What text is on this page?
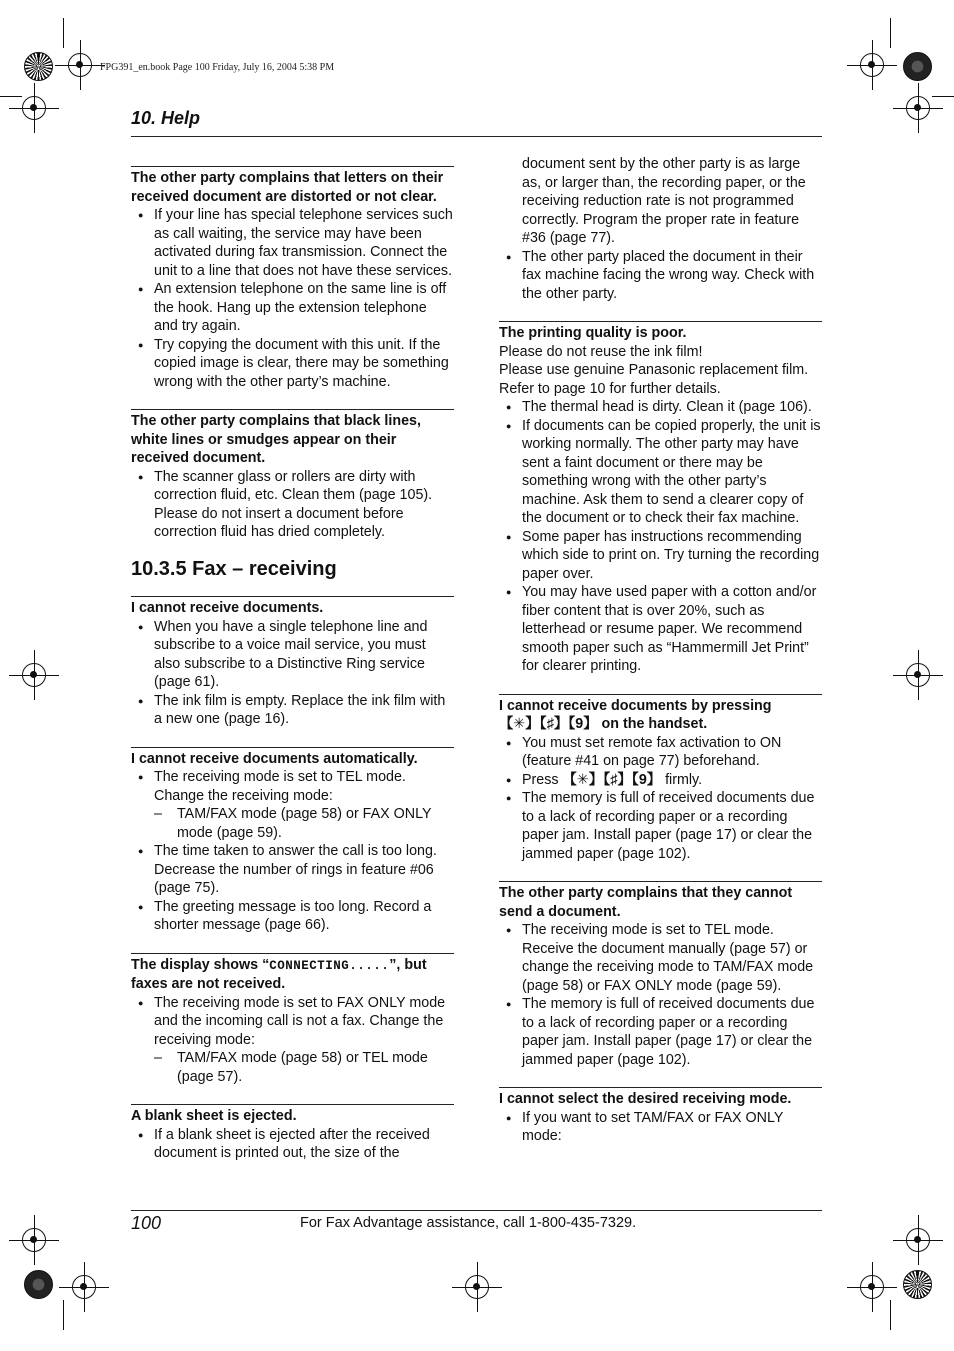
FPG391_en.book Page 100 Friday, July 16, 2004 5:38 PM
10. Help

The other party complains that letters on their received document are distorted or not clear.

● If your line has special telephone services such as call waiting, the service may have been activated during fax transmission. Connect the unit to a line that does not have these services.
● An extension telephone on the same line is off the hook. Hang up the extension telephone and try again.
● Try copying the document with this unit. If the copied image is clear, there may be something wrong with the other party’s machine.

The other party complains that black lines, white lines or smudges appear on their received document.

● The scanner glass or rollers are dirty with correction fluid, etc. Clean them (page 105). Please do not insert a document before correction fluid has dried completely.
10.3.5 Fax – receiving

I cannot receive documents.

● When you have a single telephone line and subscribe to a voice mail service, you must also subscribe to a Distinctive Ring service (page 61).
● The ink film is empty. Replace the ink film with a new one (page 16).

I cannot receive documents automatically.

● The receiving mode is set to TEL mode. Change the receiving mode:
– TAM/FAX mode (page 58) or FAX ONLY mode (page 59).
● The time taken to answer the call is too long. Decrease the number of rings in feature #06 (page 75).
● The greeting message is too long. Record a shorter message (page 66).

The display shows “CONNECTING.....”, but faxes are not received.

● The receiving mode is set to FAX ONLY mode and the incoming call is not a fax. Change the receiving mode:
– TAM/FAX mode (page 58) or TEL mode (page 57).

A blank sheet is ejected.

● If a blank sheet is ejected after the received document is printed out, the size of the

document sent by the other party is as large as, or larger than, the recording paper, or the receiving reduction rate is not programmed correctly. Program the proper rate in feature #36 (page 77).

● The other party placed the document in their fax machine facing the wrong way. Check with the other party.

The printing quality is poor.

Please do not reuse the ink film!

Please use genuine Panasonic replacement film. Refer to page 10 for further details.

● The thermal head is dirty. Clean it (page 106).
● If documents can be copied properly, the unit is working normally. The other party may have sent a faint document or there may be something wrong with the other party’s machine. Ask them to send a clearer copy of the document or to check their fax machine.
● Some paper has instructions recommending which side to print on. Try turning the recording paper over.
● You may have used paper with a cotton and/or fiber content that is over 20%, such as letterhead or resume paper. We recommend smooth paper such as “Hammermill Jet Print” for clearer printing.

I cannot receive documents by pressing
【✳】【♯】【9】 on the handset.

● You must set remote fax activation to ON (feature #41 on page 77) beforehand.
● Press 【✳】【♯】【9】 firmly.
● The memory is full of received documents due to a lack of recording paper or a recording paper jam. Install paper (page 17) or clear the jammed paper (page 102).

The other party complains that they cannot send a document.

● The receiving mode is set to TEL mode. Receive the document manually (page 57) or change the receiving mode to TAM/FAX mode (page 58) or FAX ONLY mode (page 59).
● The memory is full of received documents due to a lack of recording paper or a recording paper jam. Install paper (page 17) or clear the jammed paper (page 102).

I cannot select the desired receiving mode.

● If you want to set TAM/FAX or FAX ONLY mode:
100	For Fax Advantage assistance, call 1-800-435-7329.
